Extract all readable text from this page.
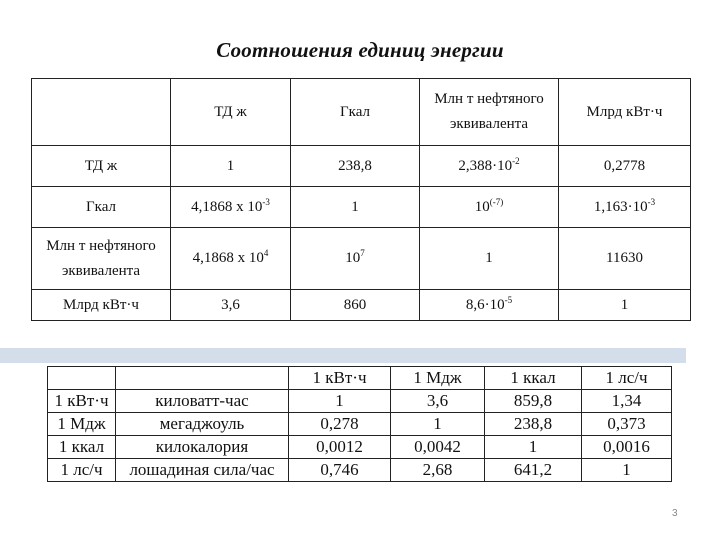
Соотношения единиц энергии
	ТД ж	Гкал	Млн т нефтяного эквивалента	Млрд кВт·ч
ТД ж	1	238,8	$2,388\cdot 10^{-2}$	0,2778
Гкал	4,1868 x $10^{-3}$	1	$10^{(-7)}$	$1,163\cdot 10^{-3}$
Млн т нефтяного эквивалента	4,1868 x $10^4$	$10^7$	1	11630
Млрд кВт·ч	3,6	860	$8,6\cdot 10^{-5}$	1
		1 кВт·ч	1 Мдж	1 ккал	1 лс/ч
1 кВт·ч	киловатт-час	1	3,6	859,8	1,34
1 Мдж	мегаджоуль	0,278	1	238,8	0,373
1 ккал	килокалория	0,0012	0,0042	1	0,0016
1 лс/ч	лошадиная сила/час	0,746	2,68	641,2	1
3
